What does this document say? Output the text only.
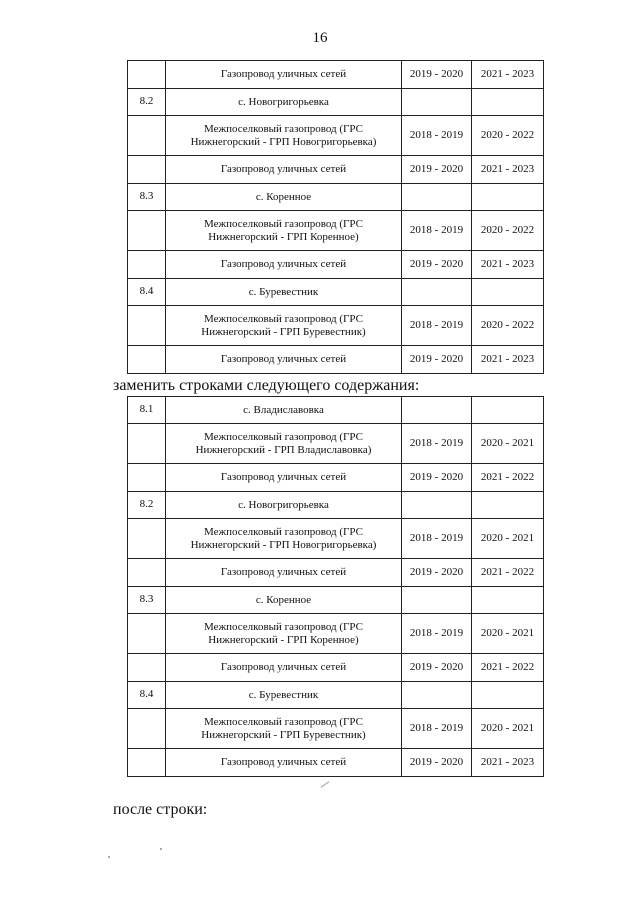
16
	Газопровод уличных сетей	2019 - 2020	2021 - 2023
8.2	с. Новогригорьевка		
	Межпоселковый газопровод (ГРС Нижнегорский - ГРП Новогригорьевка)	2018 - 2019	2020 - 2022
	Газопровод уличных сетей	2019 - 2020	2021 - 2023
8.3	с. Коренное		
	Межпоселковый газопровод (ГРС Нижнегорский - ГРП Коренное)	2018 - 2019	2020 - 2022
	Газопровод уличных сетей	2019 - 2020	2021 - 2023
8.4	с. Буревестник		
	Межпоселковый газопровод (ГРС Нижнегорский - ГРП Буревестник)	2018 - 2019	2020 - 2022
	Газопровод уличных сетей	2019 - 2020	2021 - 2023
заменить строками следующего содержания:
8.1	с. Владиславовка		
	Межпоселковый газопровод (ГРС Нижнегорский - ГРП Владиславовка)	2018 - 2019	2020 - 2021
	Газопровод уличных сетей	2019 - 2020	2021 - 2022
8.2	с. Новогригорьевка		
	Межпоселковый газопровод (ГРС Нижнегорский - ГРП Новогригорьевка)	2018 - 2019	2020 - 2021
	Газопровод уличных сетей	2019 - 2020	2021 - 2022
8.3	с. Коренное		
	Межпоселковый газопровод (ГРС Нижнегорский - ГРП Коренное)	2018 - 2019	2020 - 2021
	Газопровод уличных сетей	2019 - 2020	2021 - 2022
8.4	с. Буревестник		
	Межпоселковый газопровод (ГРС Нижнегорский - ГРП Буревестник)	2018 - 2019	2020 - 2021
	Газопровод уличных сетей	2019 - 2020	2021 - 2023
после строки:
